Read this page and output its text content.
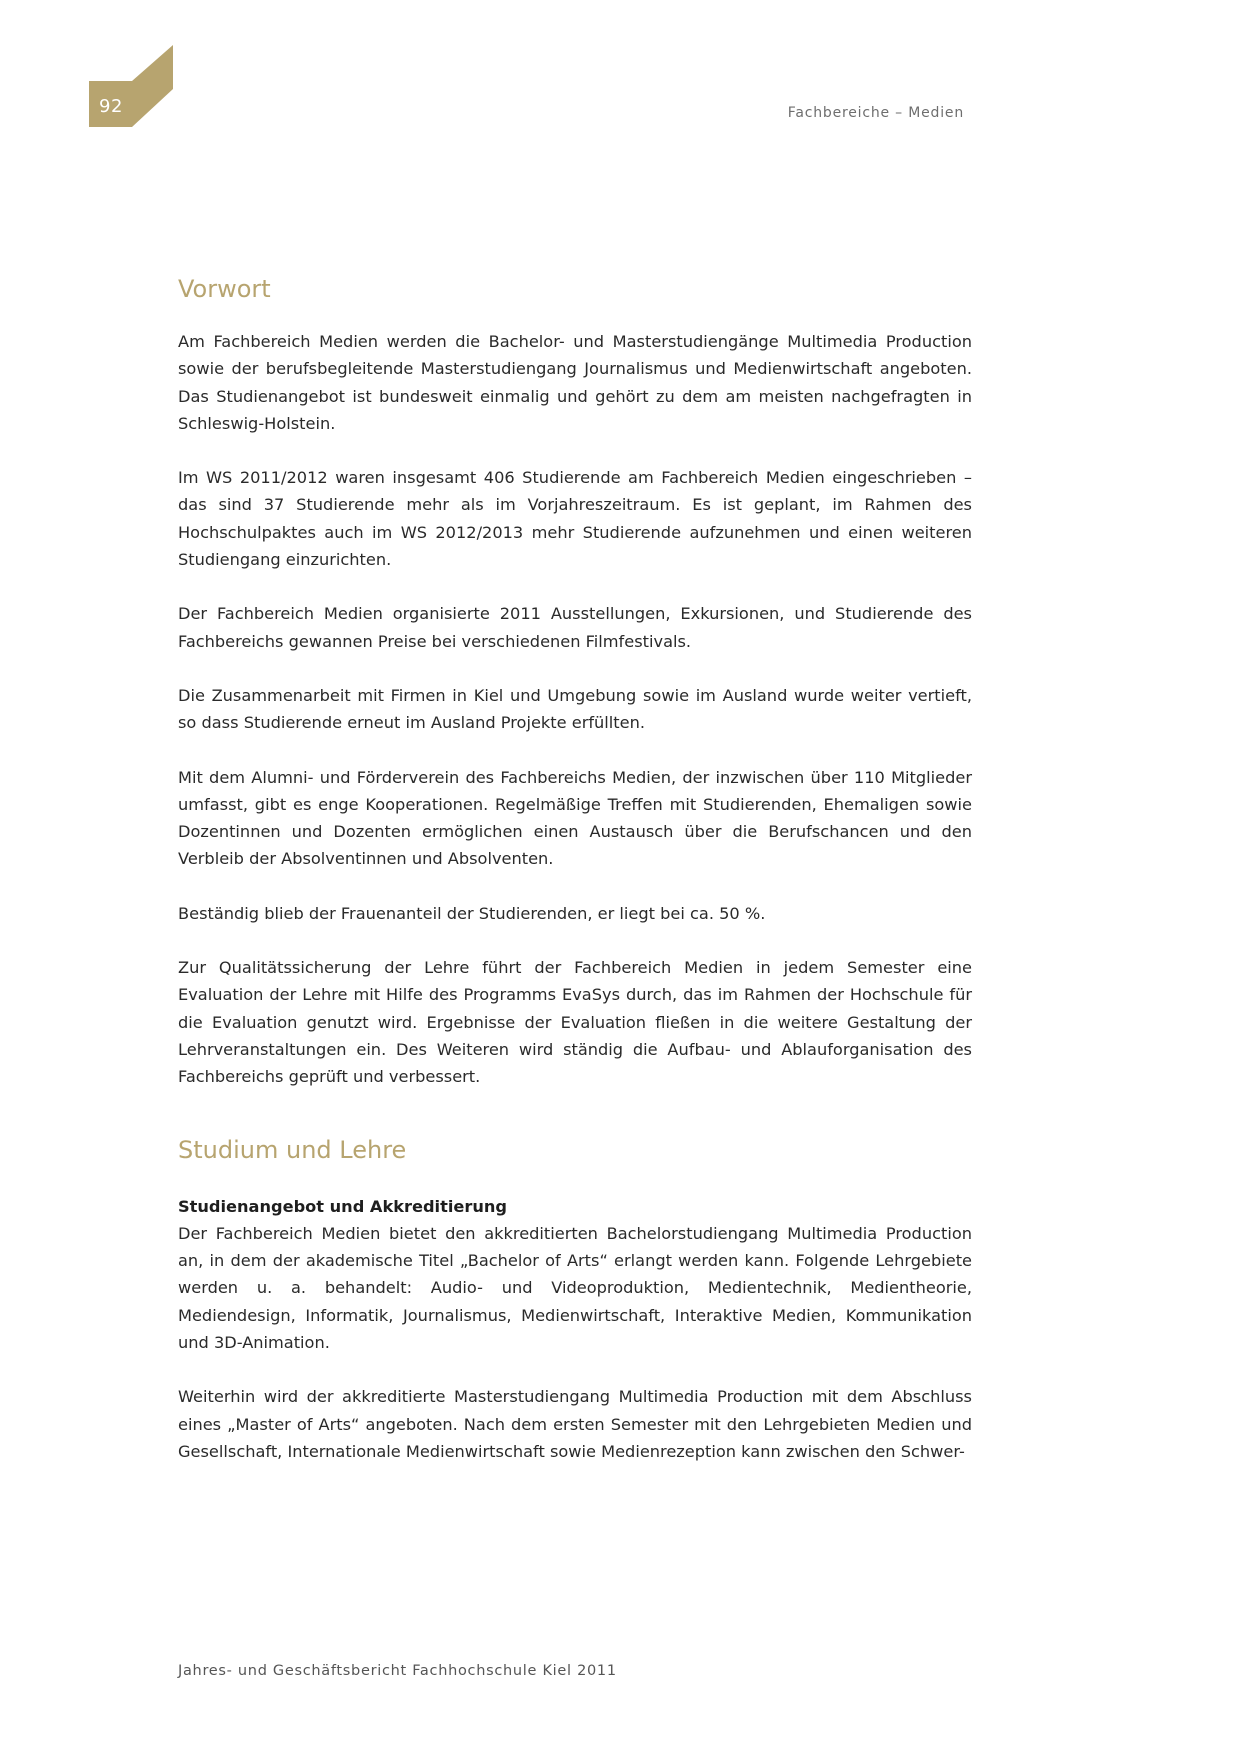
92	Fachbereiche – Medien
Vorwort

Am Fachbereich Medien werden die Bachelor- und Masterstudiengänge Multimedia Production sowie der berufsbegleitende Masterstudiengang Journalismus und Medienwirtschaft angeboten. Das Studienangebot ist bundesweit einmalig und gehört zu dem am meisten nachgefragten in Schleswig-Holstein.

Im WS 2011/2012 waren insgesamt 406 Studierende am Fachbereich Medien eingeschrieben – das sind 37 Studierende mehr als im Vorjahreszeitraum. Es ist geplant, im Rahmen des Hochschulpaktes auch im WS 2012/2013 mehr Studierende aufzunehmen und einen weiteren Studiengang einzurichten.

Der Fachbereich Medien organisierte 2011 Ausstellungen, Exkursionen, und Studierende des Fachbereichs gewannen Preise bei verschiedenen Filmfestivals.

Die Zusammenarbeit mit Firmen in Kiel und Umgebung sowie im Ausland wurde weiter vertieft, so dass Studierende erneut im Ausland Projekte erfüllten.

Mit dem Alumni- und Förderverein des Fachbereichs Medien, der inzwischen über 110 Mitglieder umfasst, gibt es enge Kooperationen. Regelmäßige Treffen mit Studierenden, Ehemaligen sowie Dozentinnen und Dozenten ermöglichen einen Austausch über die Berufschancen und den Verbleib der Absolventinnen und Absolventen.

Beständig blieb der Frauenanteil der Studierenden, er liegt bei ca. 50 %.

Zur Qualitätssicherung der Lehre führt der Fachbereich Medien in jedem Semester eine Evaluation der Lehre mit Hilfe des Programms EvaSys durch, das im Rahmen der Hochschule für die Evaluation genutzt wird. Ergebnisse der Evaluation fließen in die weitere Gestaltung der Lehrveranstaltungen ein. Des Weiteren wird ständig die Aufbau- und Ablauforganisation des Fachbereichs geprüft und verbessert.

Studium und Lehre
Studienangebot und Akkreditierung

Der Fachbereich Medien bietet den akkreditierten Bachelorstudiengang Multimedia Production an, in dem der akademische Titel „Bachelor of Arts“ erlangt werden kann. Folgende Lehrgebiete werden u. a. behandelt: Audio- und Videoproduktion, Medientechnik, Medientheorie, Mediendesign, Informatik, Journalismus, Medienwirtschaft, Interaktive Medien, Kommunikation und 3D-Animation.

Weiterhin wird der akkreditierte Masterstudiengang Multimedia Production mit dem Abschluss eines „Master of Arts“ angeboten. Nach dem ersten Semester mit den Lehrgebieten Medien und Gesellschaft, Internationale Medienwirtschaft sowie Medienrezeption kann zwischen den Schwer-

Jahres- und Geschäftsbericht Fachhochschule Kiel 2011
